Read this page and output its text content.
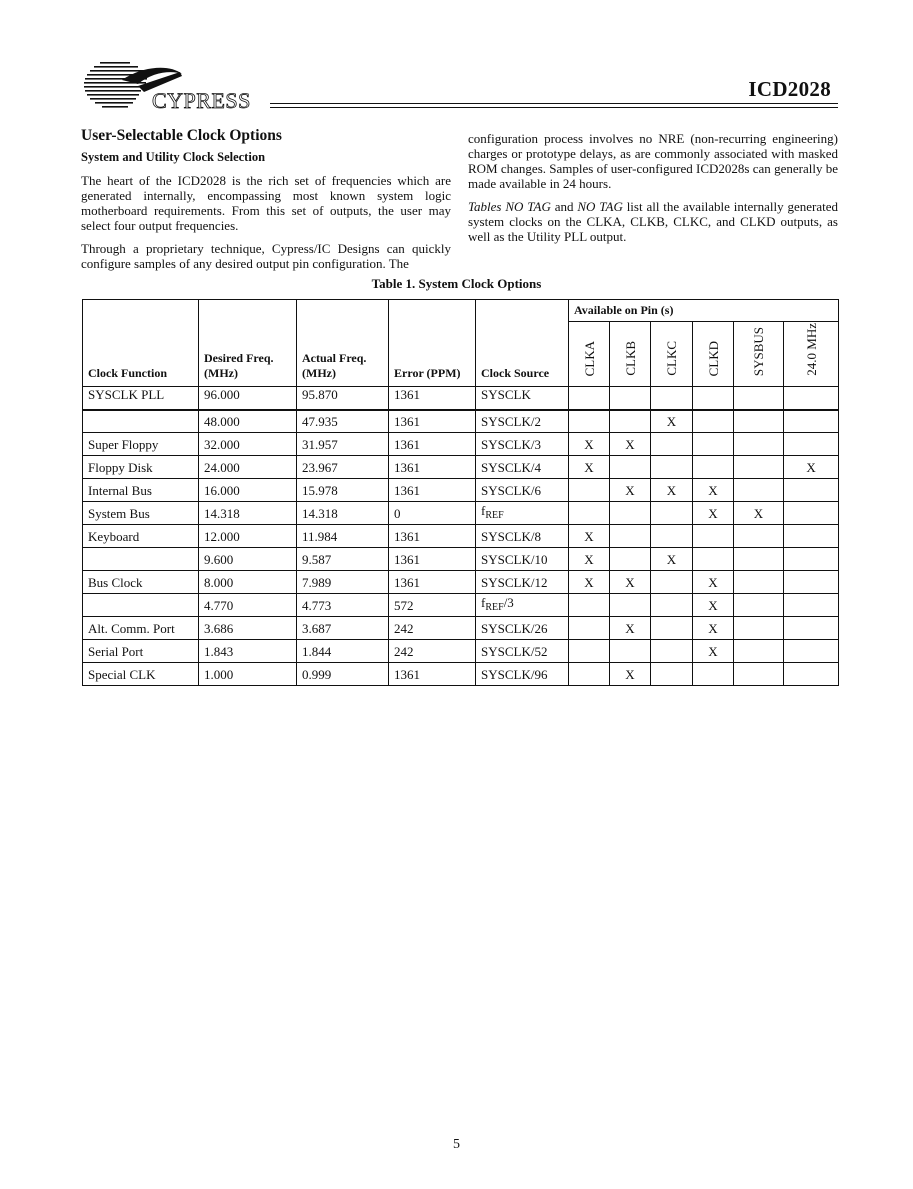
CYPRESS	ICD2028
User-Selectable Clock Options
System and Utility Clock Selection

The heart of the ICD2028 is the rich set of frequencies which are generated internally, encompassing most known system logic motherboard requirements. From this set of outputs, the user may select four output frequencies.

Through a proprietary technique, Cypress/IC Designs can quickly configure samples of any desired output pin configuration. The

configuration process involves no NRE (non-recurring engineering) charges or prototype delays, as are commonly associated with masked ROM changes. Samples of user-configured ICD2028s can generally be made available in 24 hours.

Tables NO TAG and NO TAG list all the available internally generated system clocks on the CLKA, CLKB, CLKC, and CLKD outputs, as well as the Utility PLL output.

Table 1. System Clock Options
Clock Function	Desired Freq. (MHz)	Actual Freq. (MHz)	Error (PPM)	Clock Source	Available on Pin (s)					
					CLKA	CLKB	CLKC	CLKD	SYSBUS	24.0 MHz
SYSCLK PLL	96.000	95.870	1361	SYSCLK						
	48.000	47.935	1361	SYSCLK/2			X			
Super Floppy	32.000	31.957	1361	SYSCLK/3	X	X				
Floppy Disk	24.000	23.967	1361	SYSCLK/4	X					X
Internal Bus	16.000	15.978	1361	SYSCLK/6		X	X	X		
System Bus	14.318	14.318	0	$f_{REF}$				X	X	
Keyboard	12.000	11.984	1361	SYSCLK/8	X					
	9.600	9.587	1361	SYSCLK/10	X		X			
Bus Clock	8.000	7.989	1361	SYSCLK/12	X	X		X		
	4.770	4.773	572	$f_{REF}/3$				X		
Alt. Comm. Port	3.686	3.687	242	SYSCLK/26		X		X		
Serial Port	1.843	1.844	242	SYSCLK/52				X		
Special CLK	1.000	0.999	1361	SYSCLK/96		X				
5
